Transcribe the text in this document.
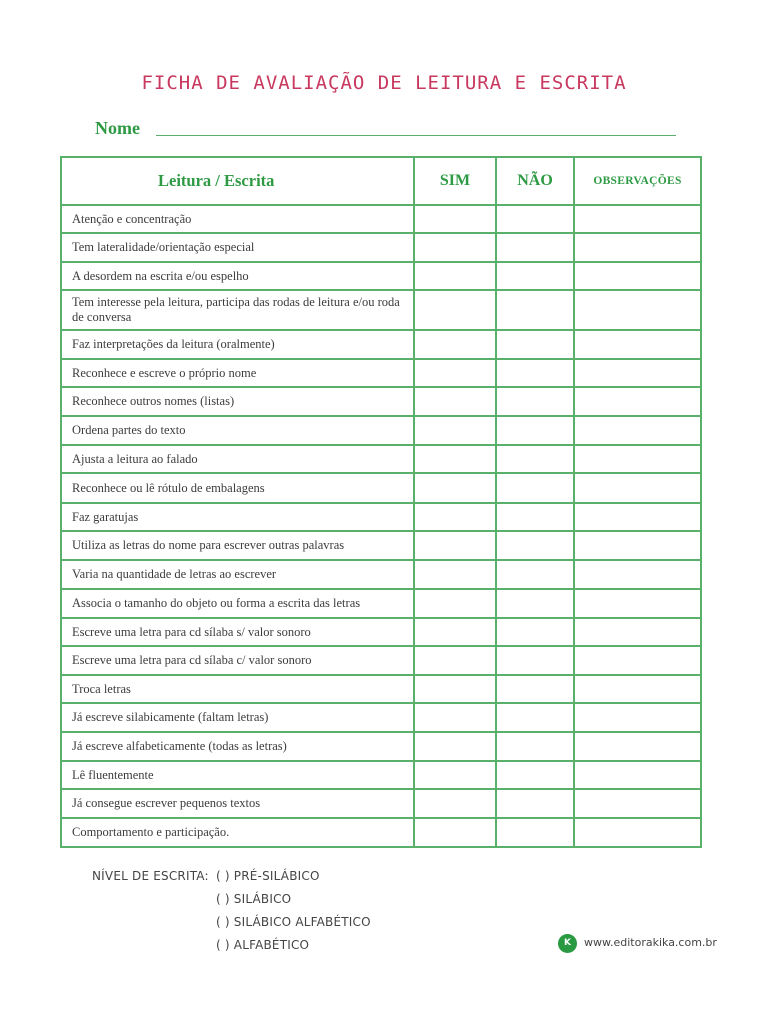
FICHA DE AVALIAÇÃO DE LEITURA E ESCRITA
Nome
Leitura / Escrita	SIM	NÃO	OBSERVAÇÕES
Atenção e concentração			
Tem lateralidade/orientação especial			
A desordem na escrita e/ou espelho			
Tem interesse pela leitura, participa das rodas de leitura e/ou roda de conversa			
Faz interpretações da leitura (oralmente)			
Reconhece e escreve o próprio nome			
Reconhece outros nomes (listas)			
Ordena partes do texto			
Ajusta a leitura ao falado			
Reconhece ou lê rótulo de embalagens			
Faz garatujas			
Utiliza as letras do nome para escrever outras palavras			
Varia na quantidade de letras ao escrever			
Associa o tamanho do objeto ou forma a escrita das letras			
Escreve uma letra para cd sílaba s/ valor sonoro			
Escreve uma letra para cd sílaba c/ valor sonoro			
Troca letras			
Já escreve silabicamente (faltam letras)			
Já escreve alfabeticamente (todas as letras)			
Lê fluentemente			
Já consegue escrever pequenos textos			
Comportamento e participação.			
NÍVEL DE ESCRITA: ( ) PRÉ-SILÁBICO
( ) SILÁBICO
( ) SILÁBICO ALFABÉTICO
( ) ALFABÉTICO	K	www.editorakika.com.br
